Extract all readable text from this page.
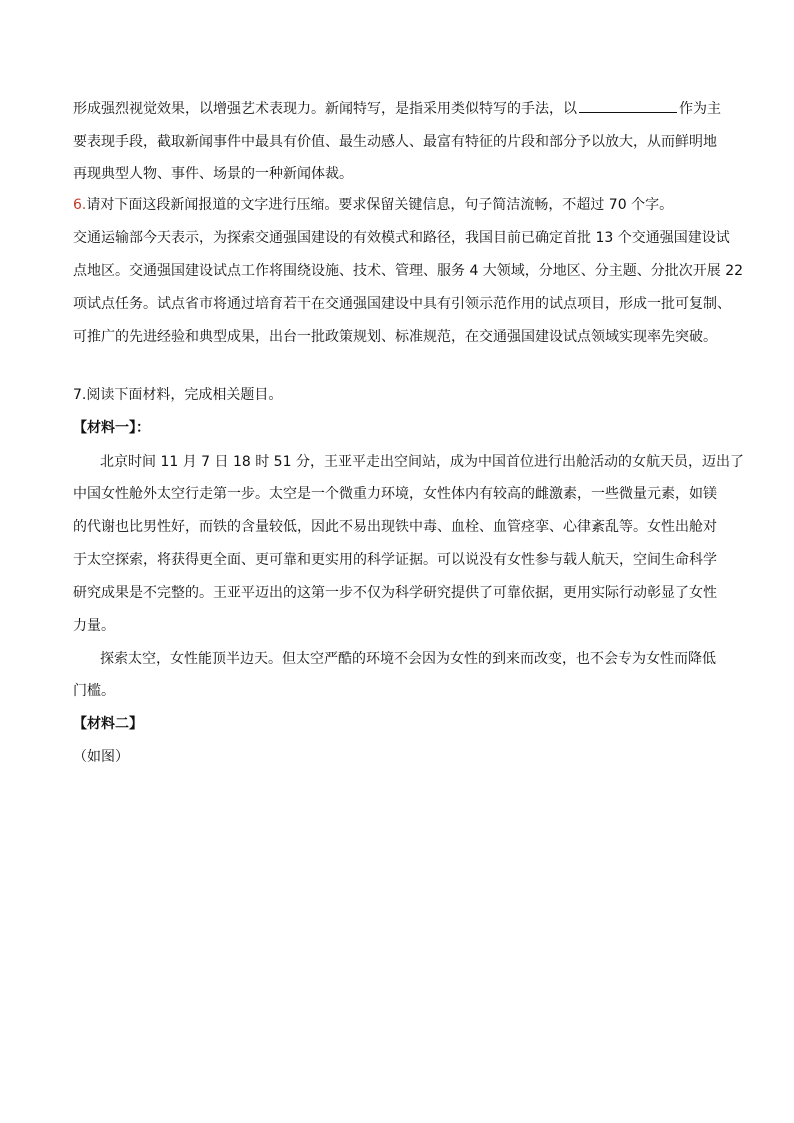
形成强烈视觉效果，以增强艺术表现力。新闻特写，是指采用类似特写的手法，以	作为主
要表现手段，截取新闻事件中最具有价值、最生动感人、最富有特征的片段和部分予以放大，从而鲜明地
再现典型人物、事件、场景的一种新闻体裁。
6.请对下面这段新闻报道的文字进行压缩。要求保留关键信息，句子简洁流畅，不超过 70 个字。
交通运输部今天表示，为探索交通强国建设的有效模式和路径，我国目前已确定首批 13 个交通强国建设试
点地区。交通强国建设试点工作将围绕设施、技术、管理、服务 4 大领域，分地区、分主题、分批次开展 22
项试点任务。试点省市将通过培育若干在交通强国建设中具有引领示范作用的试点项目，形成一批可复制、
可推广的先进经验和典型成果，出台一批政策规划、标准规范，在交通强国建设试点领域实现率先突破。
7.阅读下面材料，完成相关题目。
【材料一】：
北京时间 11 月 7 日 18 时 51 分，王亚平走出空间站，成为中国首位进行出舱活动的女航天员，迈出了
中国女性舱外太空行走第一步。太空是一个微重力环境，女性体内有较高的雌激素，一些微量元素，如镁
的代谢也比男性好，而铁的含量较低，因此不易出现铁中毒、血栓、血管痉挛、心律紊乱等。女性出舱对
于太空探索，将获得更全面、更可靠和更实用的科学证据。可以说没有女性参与载人航天，空间生命科学
研究成果是不完整的。王亚平迈出的这第一步不仅为科学研究提供了可靠依据，更用实际行动彰显了女性
力量。
探索太空，女性能顶半边天。但太空严酷的环境不会因为女性的到来而改变，也不会专为女性而降低
门槛。
【材料二】
（如图）
